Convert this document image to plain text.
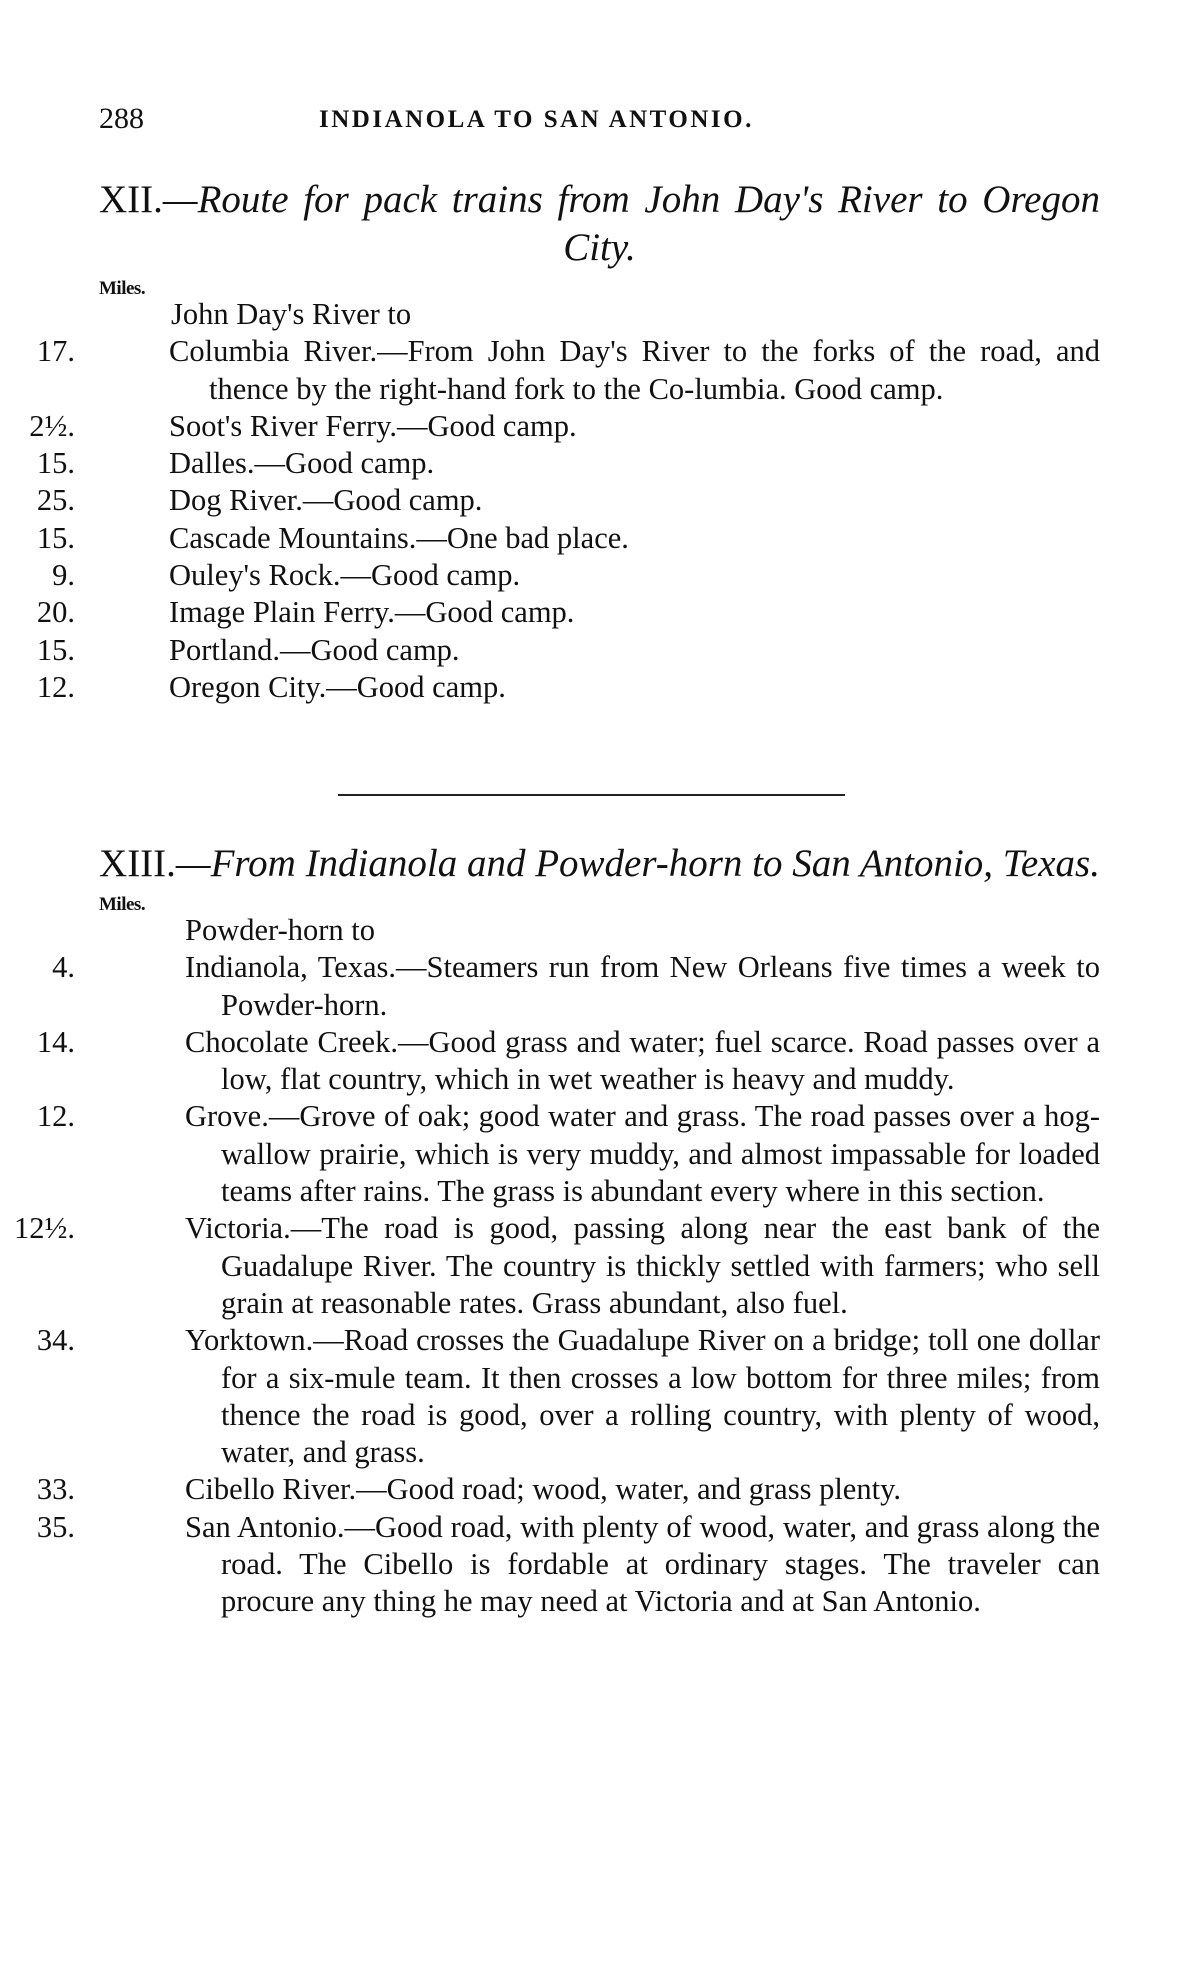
288	INDIANOLA TO SAN ANTONIO.
XII.—Route for pack trains from John Day's River to Oregon City.
Miles.
John Day's River to
17.	Columbia River.—From John Day's River to the forks of the road, and thence by the right-hand fork to the Co-lumbia. Good camp.
2½.	Soot's River Ferry.—Good camp.
15.	Dalles.—Good camp.
25.	Dog River.—Good camp.
15.	Cascade Mountains.—One bad place.
9.	Ouley's Rock.—Good camp.
20.	Image Plain Ferry.—Good camp.
15.	Portland.—Good camp.
12.	Oregon City.—Good camp.
XIII.—From Indianola and Powder-horn to San Antonio, Texas.
Miles.
Powder-horn to
4.	Indianola, Texas.—Steamers run from New Orleans five times a week to Powder-horn.
14.	Chocolate Creek.—Good grass and water; fuel scarce. Road passes over a low, flat country, which in wet weather is heavy and muddy.
12.	Grove.—Grove of oak; good water and grass. The road passes over a hog-wallow prairie, which is very muddy, and almost impassable for loaded teams after rains. The grass is abundant every where in this section.
12½.	Victoria.—The road is good, passing along near the east bank of the Guadalupe River. The country is thickly settled with farmers; who sell grain at reasonable rates. Grass abundant, also fuel.
34.	Yorktown.—Road crosses the Guadalupe River on a bridge; toll one dollar for a six-mule team. It then crosses a low bottom for three miles; from thence the road is good, over a rolling country, with plenty of wood, water, and grass.
33.	Cibello River.—Good road; wood, water, and grass plenty.
35.	San Antonio.—Good road, with plenty of wood, water, and grass along the road. The Cibello is fordable at ordinary stages. The traveler can procure any thing he may need at Victoria and at San Antonio.
